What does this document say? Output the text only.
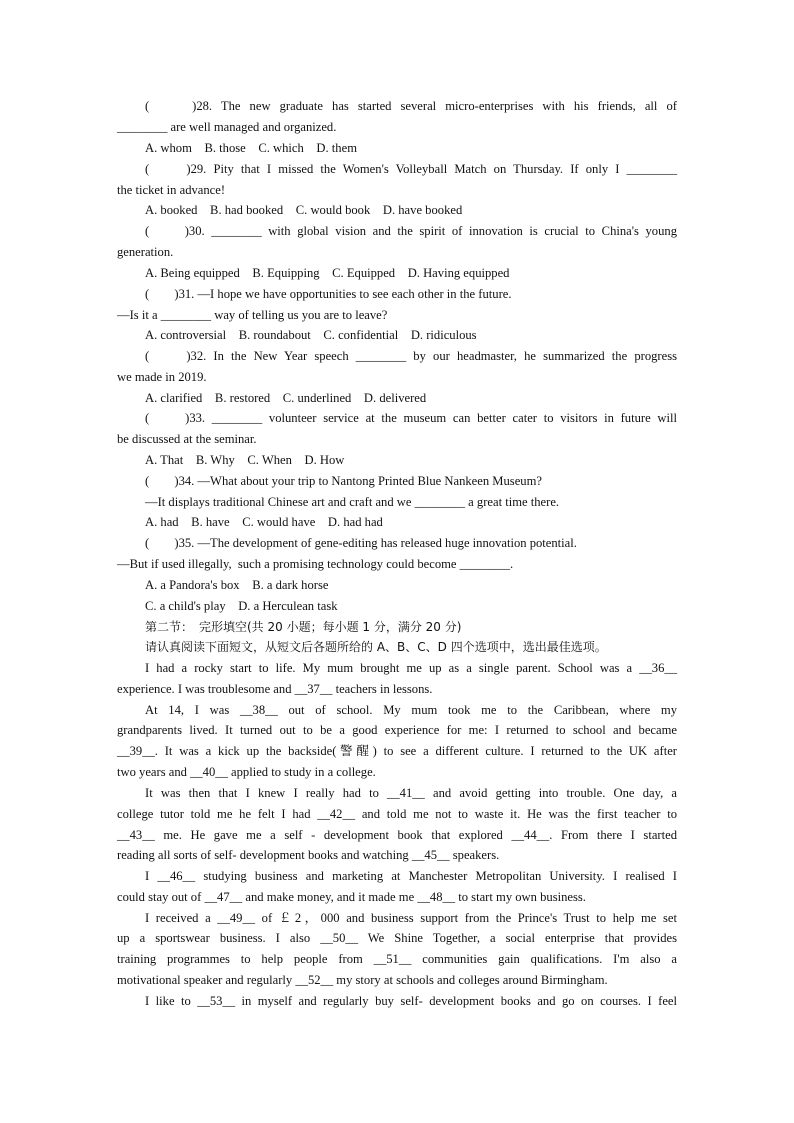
(　　)28. The new graduate has started several micro-enterprises with his friends, all of
________ are well managed and organized.
A. whom　B. those　C. which　D. them
(　　)29. Pity that I missed the Women's Volleyball Match on Thursday. If only I ________
the ticket in advance!
A. booked　B. had booked　C. would book　D. have booked
(　　)30. ________ with global vision and the spirit of innovation is crucial to China's young
generation.
A. Being equipped　B. Equipping　C. Equipped　D. Having equipped
(　　)31. —I hope we have opportunities to see each other in the future.
—Is it a ________ way of telling us you are to leave?
A. controversial　B. roundabout　C. confidential　D. ridiculous
(　　)32. In the New Year speech ________ by our headmaster, he summarized the progress
we made in 2019.
A. clarified　B. restored　C. underlined　D. delivered
(　　)33. ________ volunteer service at the museum can better cater to visitors in future will
be discussed at the seminar.
A. That　B. Why　C. When　D. How
(　　)34. —What about your trip to Nantong Printed Blue Nankeen Museum?
—It displays traditional Chinese art and craft and we ________ a great time there.
A. had　B. have　C. would have　D. had had
(　　)35. —The development of gene-editing has released huge innovation potential.
—But if used illegally,  such a promising technology could become ________.
A. a Pandora's box　B. a dark horse
C. a child's play　D. a Herculean task
第二节：　完形填空(共 20 小题；每小题 1 分，满分 20 分)
请认真阅读下面短文，从短文后各题所给的 A、B、C、D 四个选项中，选出最佳选项。
I had a rocky start to life. My mum brought me up as a single parent. School was a __36__
experience. I was troublesome and __37__ teachers in lessons.
At 14, I was __38__ out of school. My mum took me to the Caribbean, where my
grandparents lived. It turned out to be a good experience for me: I returned to school and became
__39__. It was a kick up the backside(警醒) to see a different culture. I returned to the UK after
two years and __40__ applied to study in a college.
It was then that I knew I really had to __41__ and avoid getting into trouble. One day, a
college tutor told me he felt I had __42__ and told me not to waste it. He was the first teacher to
__43__ me. He gave me a self - development book that explored __44__. From there I started
reading all sorts of self- development books and watching __45__ speakers.
I __46__ studying business and marketing at Manchester Metropolitan University. I realised I
could stay out of __47__ and make money, and it made me __48__ to start my own business.
I received a __49__ of ￡2，000 and business support from the Prince's Trust to help me set
up a sportswear business. I also __50__ We Shine Together, a social enterprise that provides
training programmes to help people from __51__ communities gain qualifications. I'm also a
motivational speaker and regularly __52__ my story at schools and colleges around Birmingham.
I like to __53__ in myself and regularly buy self- development books and go on courses. I feel
